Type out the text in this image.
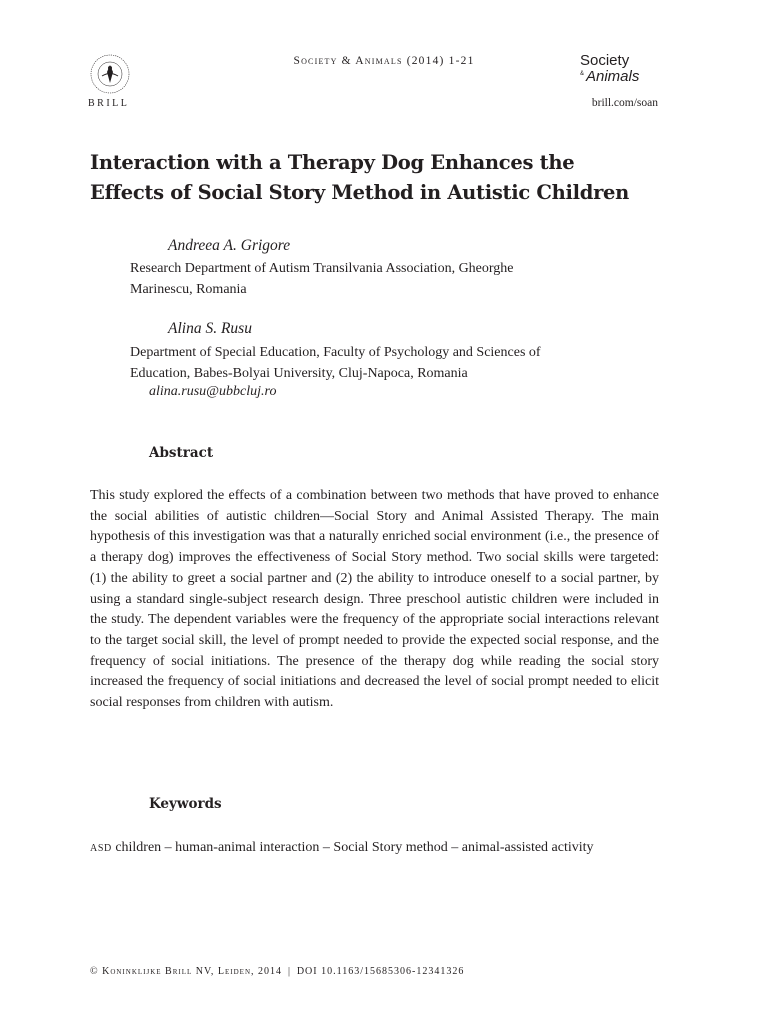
BRILL
Society & Animals (2014) 1-21	Society
& Animals
brill.com/soan
Interaction with a Therapy Dog Enhances the
Effects of Social Story Method in Autistic Children
Andreea A. Grigore
Research Department of Autism Transilvania Association, Gheorghe
Marinescu, Romania
Alina S. Rusu
Department of Special Education, Faculty of Psychology and Sciences of
Education, Babes-Bolyai University, Cluj-Napoca, Romania
alina.rusu@ubbcluj.ro
Abstract

This study explored the effects of a combination between two methods that have proved to enhance the social abilities of autistic children—Social Story and Animal Assisted Therapy. The main hypothesis of this investigation was that a naturally enriched social environment (i.e., the presence of a therapy dog) improves the effectiveness of Social Story method. Two social skills were targeted: (1) the ability to greet a social partner and (2) the ability to introduce oneself to a social partner, by using a standard single-subject research design. Three preschool autistic children were included in the study. The dependent variables were the frequency of the appropriate social interactions relevant to the target social skill, the level of prompt needed to provide the expected social response, and the frequency of social initiations. The presence of the therapy dog while reading the social story increased the frequency of social initiations and decreased the level of social prompt needed to elicit social responses from children with autism.

Keywords

asd children – human-animal interaction – Social Story method – animal-assisted activity

© Koninklijke Brill NV, Leiden, 2014 | DOI 10.1163/15685306-12341326
